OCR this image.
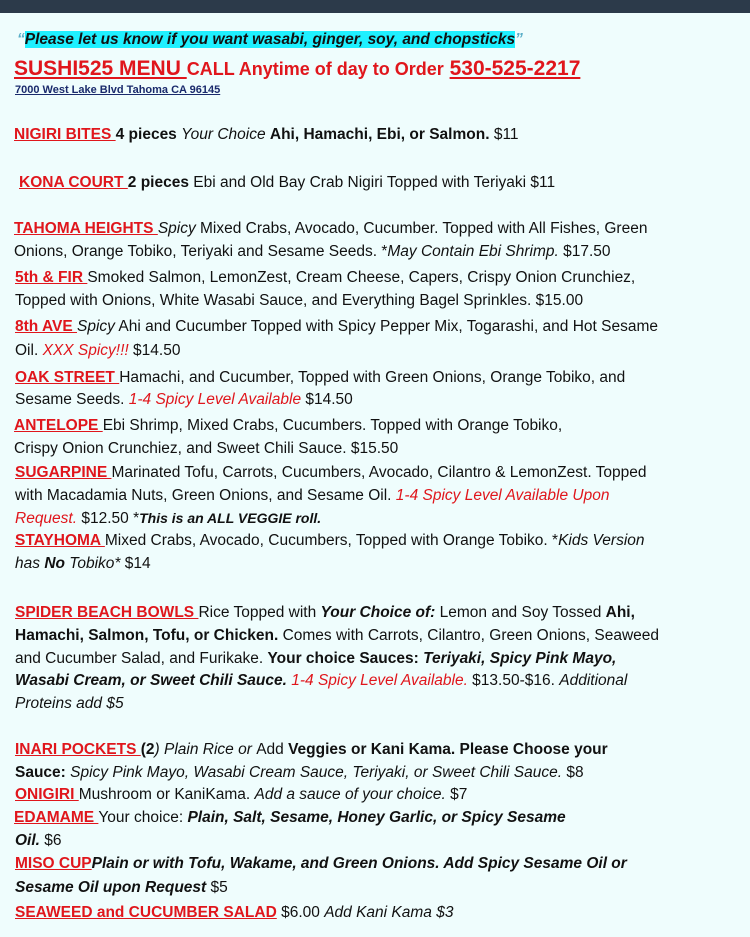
“Please let us know if you want wasabi, ginger, soy, and chopsticks”
SUSHI525 MENU CALL Anytime of day to Order 530-525-2217
7000 West Lake Blvd Tahoma CA 96145
NIGIRI BITES 4 pieces Your Choice Ahi, Hamachi, Ebi, or Salmon. $11
KONA COURT 2 pieces Ebi and Old Bay Crab Nigiri Topped with Teriyaki $11
TAHOMA HEIGHTS Spicy Mixed Crabs, Avocado, Cucumber. Topped with All Fishes, Green
Onions, Orange Tobiko, Teriyaki and Sesame Seeds. *May Contain Ebi Shrimp. $17.50
5th & FIR Smoked Salmon, LemonZest, Cream Cheese, Capers, Crispy Onion Crunchiez,
Topped with Onions, White Wasabi Sauce, and Everything Bagel Sprinkles. $15.00
8th AVE Spicy Ahi and Cucumber Topped with Spicy Pepper Mix, Togarashi, and Hot Sesame
Oil. XXX Spicy!!! $14.50
OAK STREET Hamachi, and Cucumber, Topped with Green Onions, Orange Tobiko, and
Sesame Seeds. 1-4 Spicy Level Available $14.50
ANTELOPE Ebi Shrimp, Mixed Crabs, Cucumbers. Topped with Orange Tobiko,
Crispy Onion Crunchiez, and Sweet Chili Sauce. $15.50
SUGARPINE Marinated Tofu, Carrots, Cucumbers, Avocado, Cilantro & LemonZest. Topped
with Macadamia Nuts, Green Onions, and Sesame Oil. 1-4 Spicy Level Available Upon
Request. $12.50 *This is an ALL VEGGIE roll.
STAYHOMA Mixed Crabs, Avocado, Cucumbers, Topped with Orange Tobiko. *Kids Version
has No Tobiko* $14
SPIDER BEACH BOWLS Rice Topped with Your Choice of: Lemon and Soy Tossed Ahi,
Hamachi, Salmon, Tofu, or Chicken. Comes with Carrots, Cilantro, Green Onions, Seaweed
and Cucumber Salad, and Furikake. Your choice Sauces: Teriyaki, Spicy Pink Mayo,
Wasabi Cream, or Sweet Chili Sauce. 1-4 Spicy Level Available. $13.50-$16. Additional
Proteins add $5
INARI POCKETS (2) Plain Rice or Add Veggies or Kani Kama. Please Choose your
Sauce: Spicy Pink Mayo, Wasabi Cream Sauce, Teriyaki, or Sweet Chili Sauce. $8
ONIGIRI Mushroom or KaniKama. Add a sauce of your choice. $7
EDAMAME Your choice: Plain, Salt, Sesame, Honey Garlic, or Spicy Sesame
Oil. $6
MISO CUPPlain or with Tofu, Wakame, and Green Onions. Add Spicy Sesame Oil or
Sesame Oil upon Request $5
SEAWEED and CUCUMBER SALAD $6.00 Add Kani Kama $3
